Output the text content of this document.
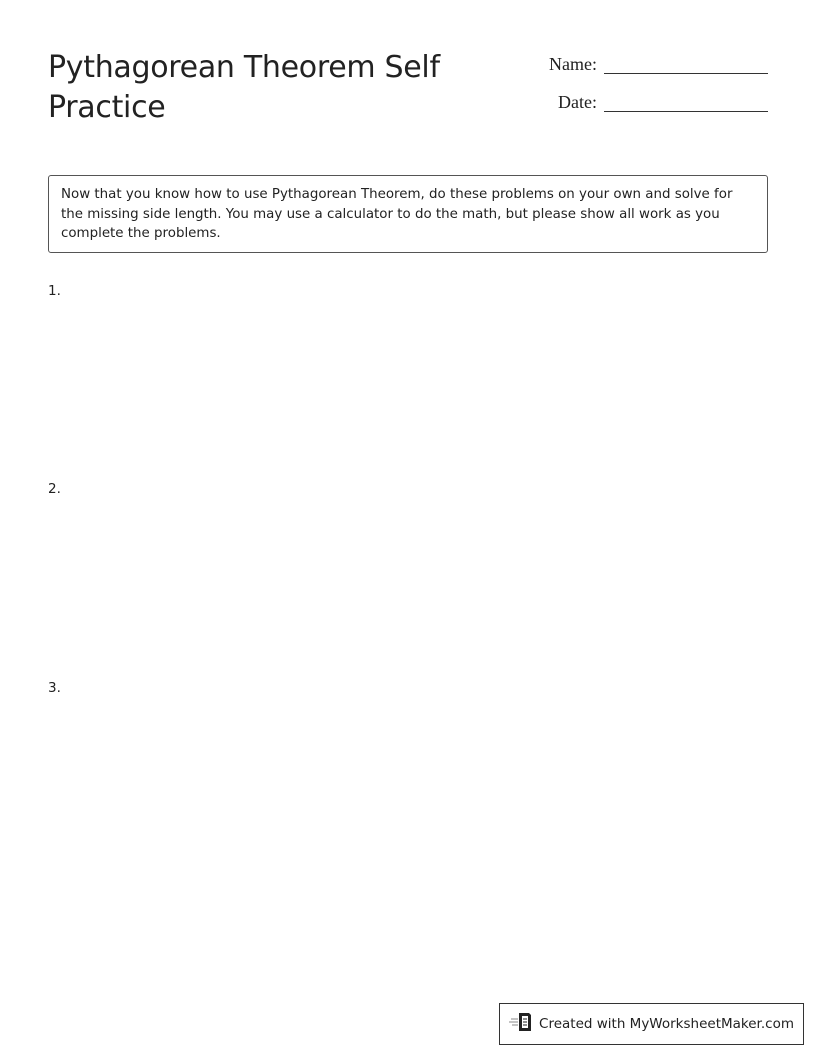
Pythagorean Theorem Self Practice
Name:
Date:
Now that you know how to use Pythagorean Theorem, do these problems on your own and solve for the missing side length. You may use a calculator to do the math, but please show all work as you complete the problems.
1.
2.
3.
Created with MyWorksheetMaker.com
